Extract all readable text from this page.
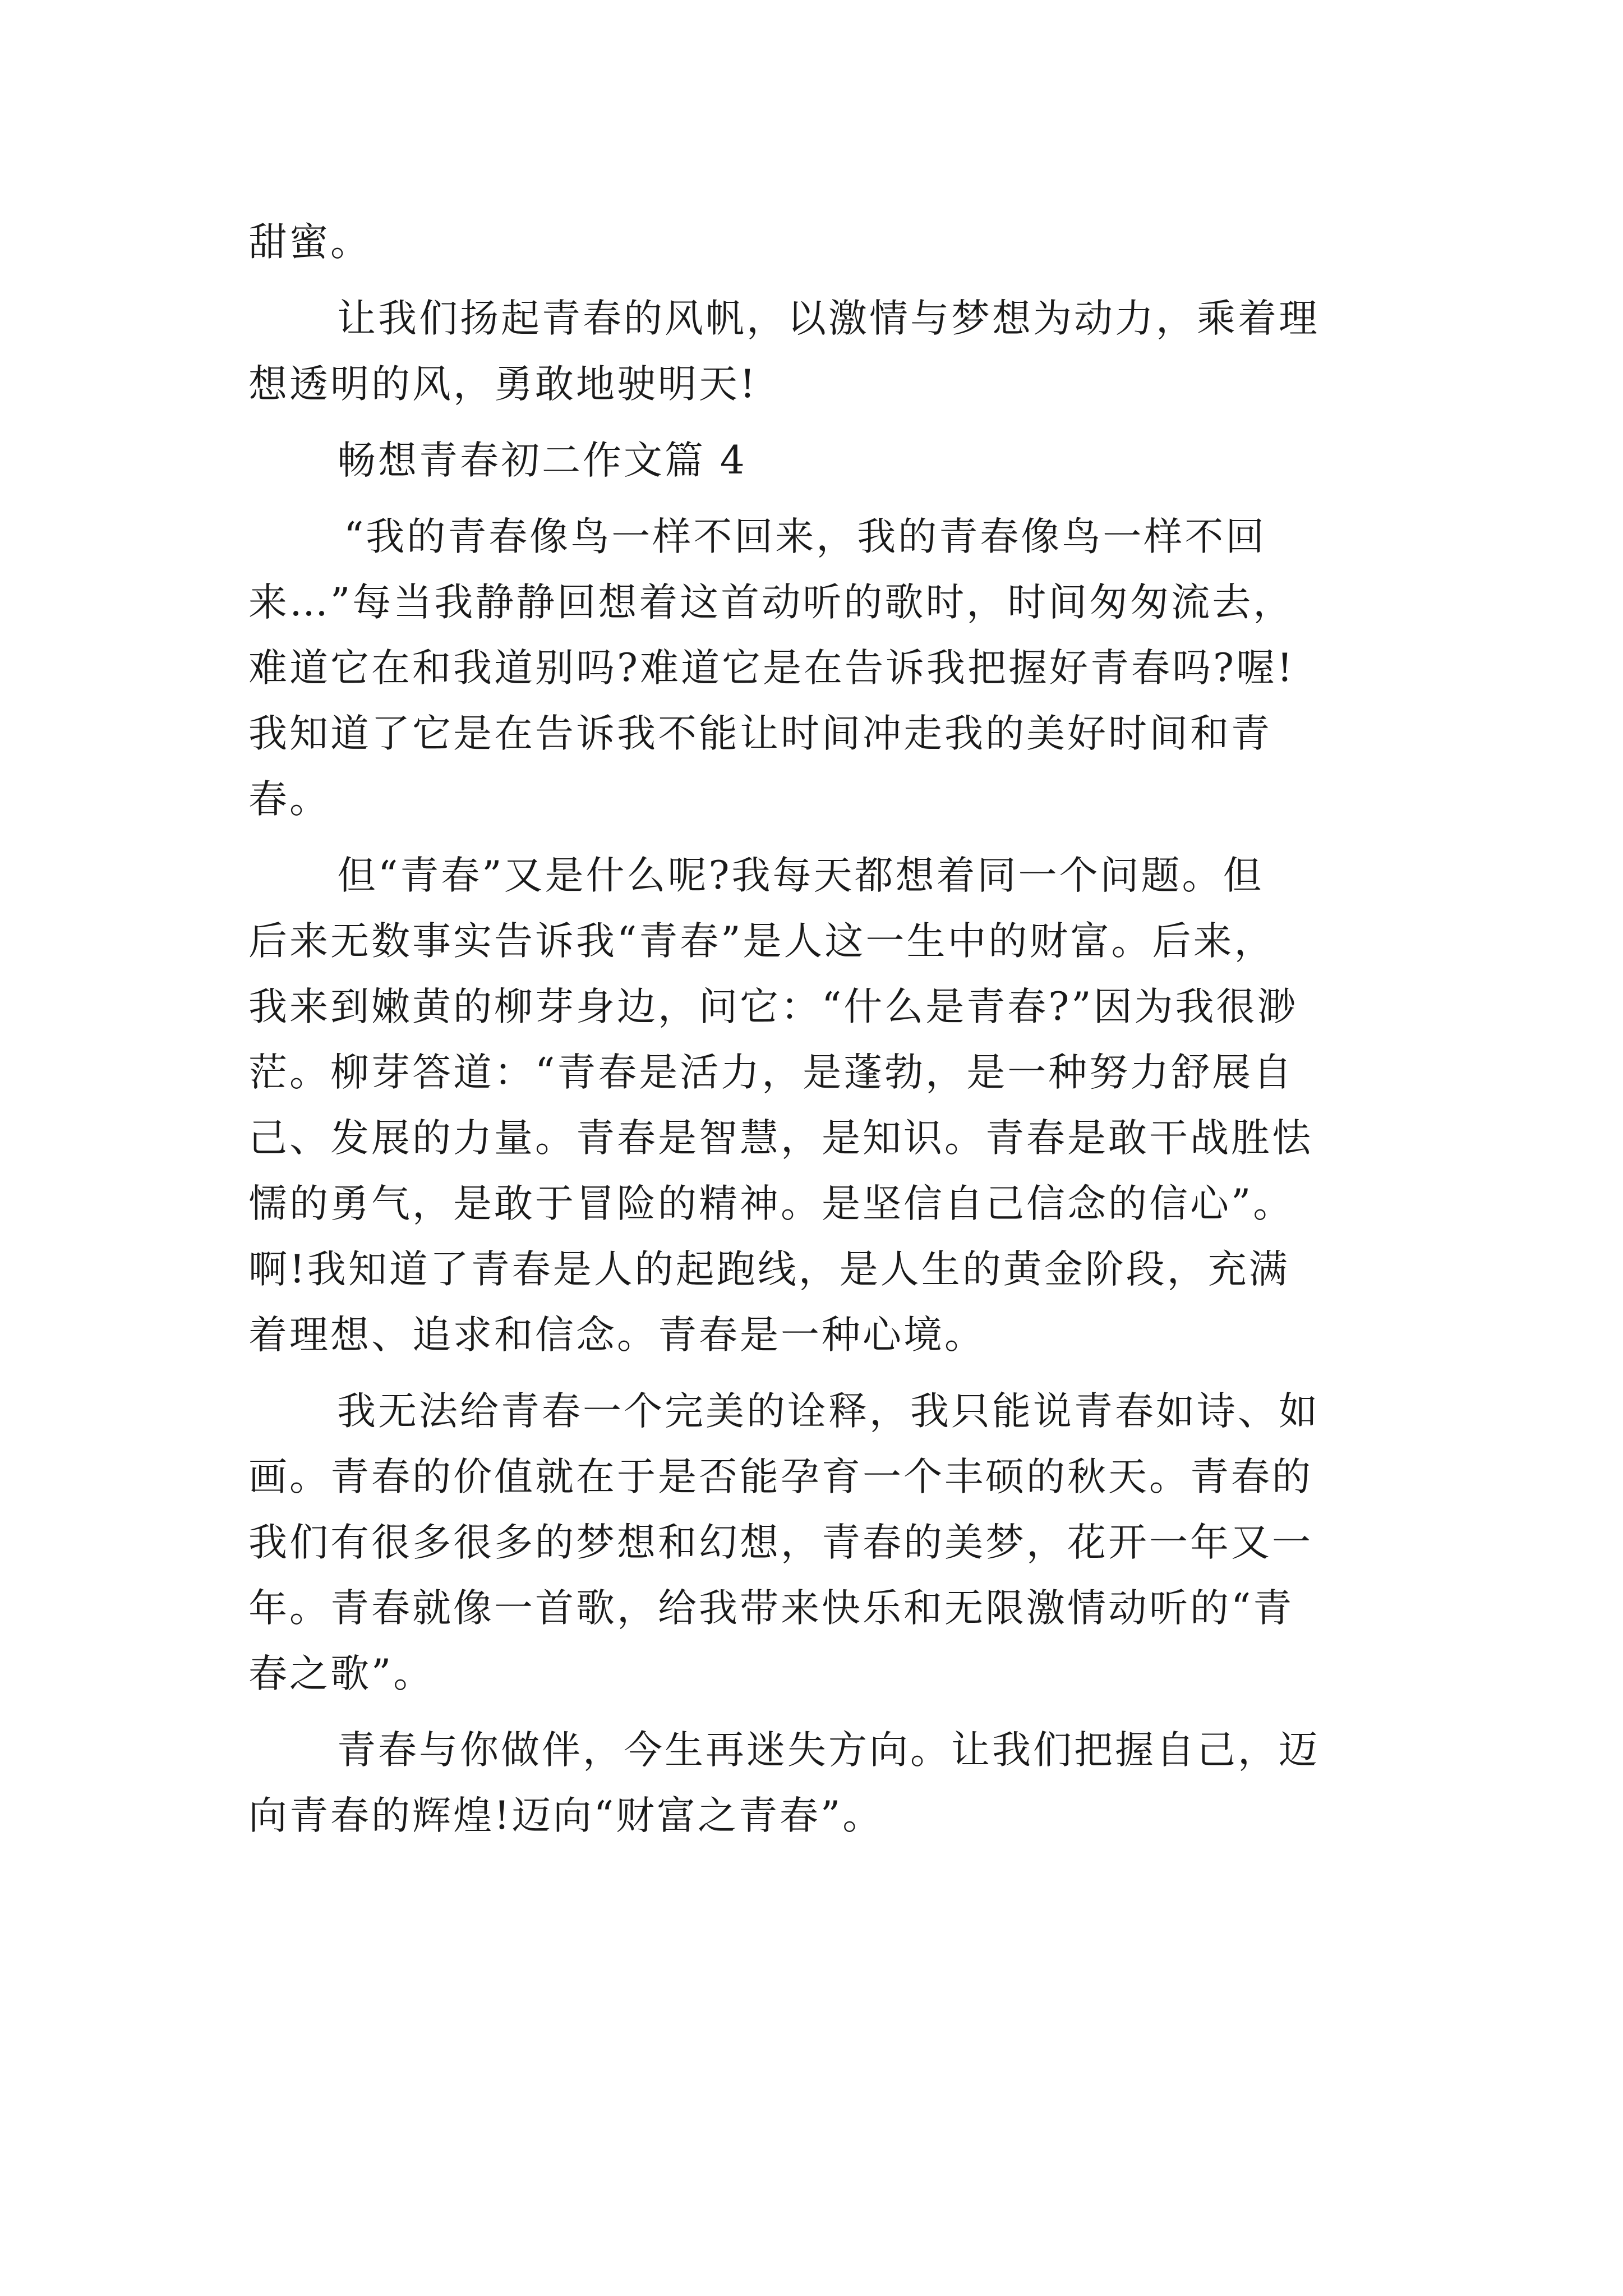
甜蜜。
让我们扬起青春的风帆，以激情与梦想为动力，乘着理
想透明的风，勇敢地驶明天!
畅想青春初二作文篇 4
“我的青春像鸟一样不回来，我的青春像鸟一样不回
来…”每当我静静回想着这首动听的歌时，时间匆匆流去，
难道它在和我道别吗?难道它是在告诉我把握好青春吗?喔!
我知道了它是在告诉我不能让时间冲走我的美好时间和青
春。
但“青春”又是什么呢?我每天都想着同一个问题。但
后来无数事实告诉我“青春”是人这一生中的财富。后来，
我来到嫩黄的柳芽身边，问它：“什么是青春?”因为我很渺
茫。柳芽答道：“青春是活力，是蓬勃，是一种努力舒展自
己、发展的力量。青春是智慧，是知识。青春是敢干战胜怯
懦的勇气，是敢于冒险的精神。是坚信自己信念的信心”。
啊!我知道了青春是人的起跑线，是人生的黄金阶段，充满
着理想、追求和信念。青春是一种心境。
我无法给青春一个完美的诠释，我只能说青春如诗、如
画。青春的价值就在于是否能孕育一个丰硕的秋天。青春的
我们有很多很多的梦想和幻想，青春的美梦，花开一年又一
年。青春就像一首歌，给我带来快乐和无限激情动听的“青
春之歌”。
青春与你做伴，今生再迷失方向。让我们把握自己，迈
向青春的辉煌!迈向“财富之青春”。
